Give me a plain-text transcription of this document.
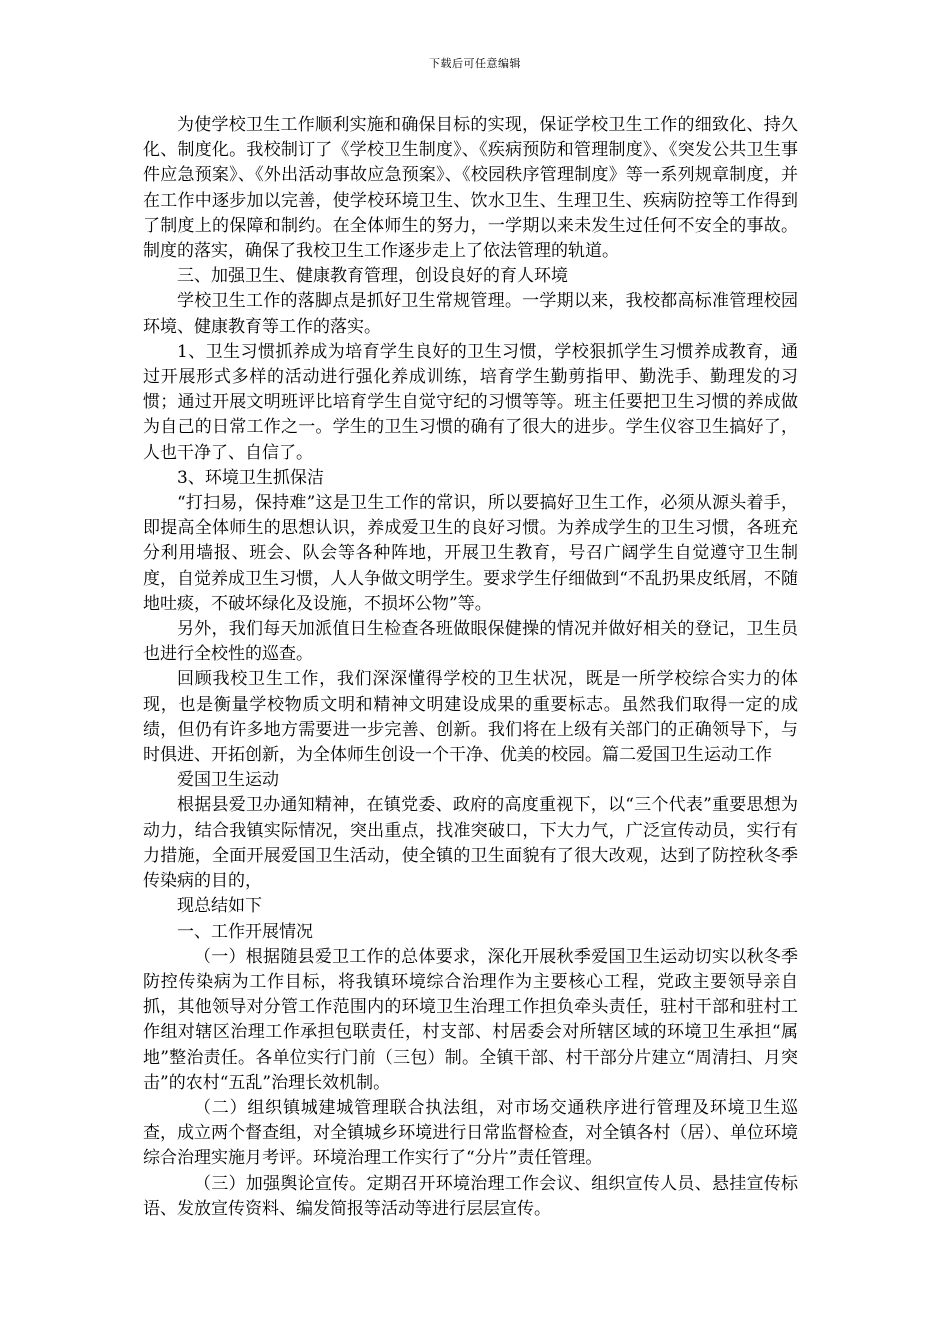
下载后可任意编辑

为使学校卫生工作顺利实施和确保目标的实现，保证学校卫生工作的细致化、持久化、制度化。我校制订了《学校卫生制度》、《疾病预防和管理制度》、《突发公共卫生事件应急预案》、《外出活动事故应急预案》、《校园秩序管理制度》等一系列规章制度，并在工作中逐步加以完善，使学校环境卫生、饮水卫生、生理卫生、疾病防控等工作得到了制度上的保障和制约。在全体师生的努力，一学期以来未发生过任何不安全的事故。制度的落实，确保了我校卫生工作逐步走上了依法管理的轨道。

三、加强卫生、健康教育管理，创设良好的育人环境

学校卫生工作的落脚点是抓好卫生常规管理。一学期以来，我校都高标准管理校园环境、健康教育等工作的落实。

1、卫生习惯抓养成为培育学生良好的卫生习惯，学校狠抓学生习惯养成教育，通过开展形式多样的活动进行强化养成训练，培育学生勤剪指甲、勤洗手、勤理发的习惯；通过开展文明班评比培育学生自觉守纪的习惯等等。班主任要把卫生习惯的养成做为自己的日常工作之一。学生的卫生习惯的确有了很大的进步。学生仪容卫生搞好了，人也干净了、自信了。

3、环境卫生抓保洁

“打扫易，保持难”这是卫生工作的常识，所以要搞好卫生工作，必须从源头着手，即提高全体师生的思想认识，养成爱卫生的良好习惯。为养成学生的卫生习惯，各班充分利用墙报、班会、队会等各种阵地，开展卫生教育，号召广阔学生自觉遵守卫生制度，自觉养成卫生习惯，人人争做文明学生。要求学生仔细做到“不乱扔果皮纸屑，不随地吐痰，不破坏绿化及设施，不损坏公物”等。

另外，我们每天加派值日生检查各班做眼保健操的情况并做好相关的登记，卫生员也进行全校性的巡查。

回顾我校卫生工作，我们深深懂得学校的卫生状况，既是一所学校综合实力的体现，也是衡量学校物质文明和精神文明建设成果的重要标志。虽然我们取得一定的成绩，但仍有许多地方需要进一步完善、创新。我们将在上级有关部门的正确领导下，与时俱进、开拓创新，为全体师生创设一个干净、优美的校园。篇二爱国卫生运动工作

爱国卫生运动

根据县爱卫办通知精神，在镇党委、政府的高度重视下，以“三个代表”重要思想为动力，结合我镇实际情况，突出重点，找准突破口，下大力气，广泛宣传动员，实行有力措施，全面开展爱国卫生活动，使全镇的卫生面貌有了很大改观，达到了防控秋冬季传染病的目的，

现总结如下

一、工作开展情况

（一）根据随县爱卫工作的总体要求，深化开展秋季爱国卫生运动切实以秋冬季防控传染病为工作目标，将我镇环境综合治理作为主要核心工程，党政主要领导亲自抓，其他领导对分管工作范围内的环境卫生治理工作担负牵头责任，驻村干部和驻村工作组对辖区治理工作承担包联责任，村支部、村居委会对所辖区域的环境卫生承担“属地”整治责任。各单位实行门前（三包）制。全镇干部、村干部分片建立“周清扫、月突击”的农村“五乱”治理长效机制。

（二）组织镇城建城管理联合执法组，对市场交通秩序进行管理及环境卫生巡查，成立两个督查组，对全镇城乡环境进行日常监督检查，对全镇各村（居）、单位环境综合治理实施月考评。环境治理工作实行了“分片”责任管理。

（三）加强舆论宣传。定期召开环境治理工作会议、组织宣传人员、悬挂宣传标语、发放宣传资料、编发简报等活动等进行层层宣传。
